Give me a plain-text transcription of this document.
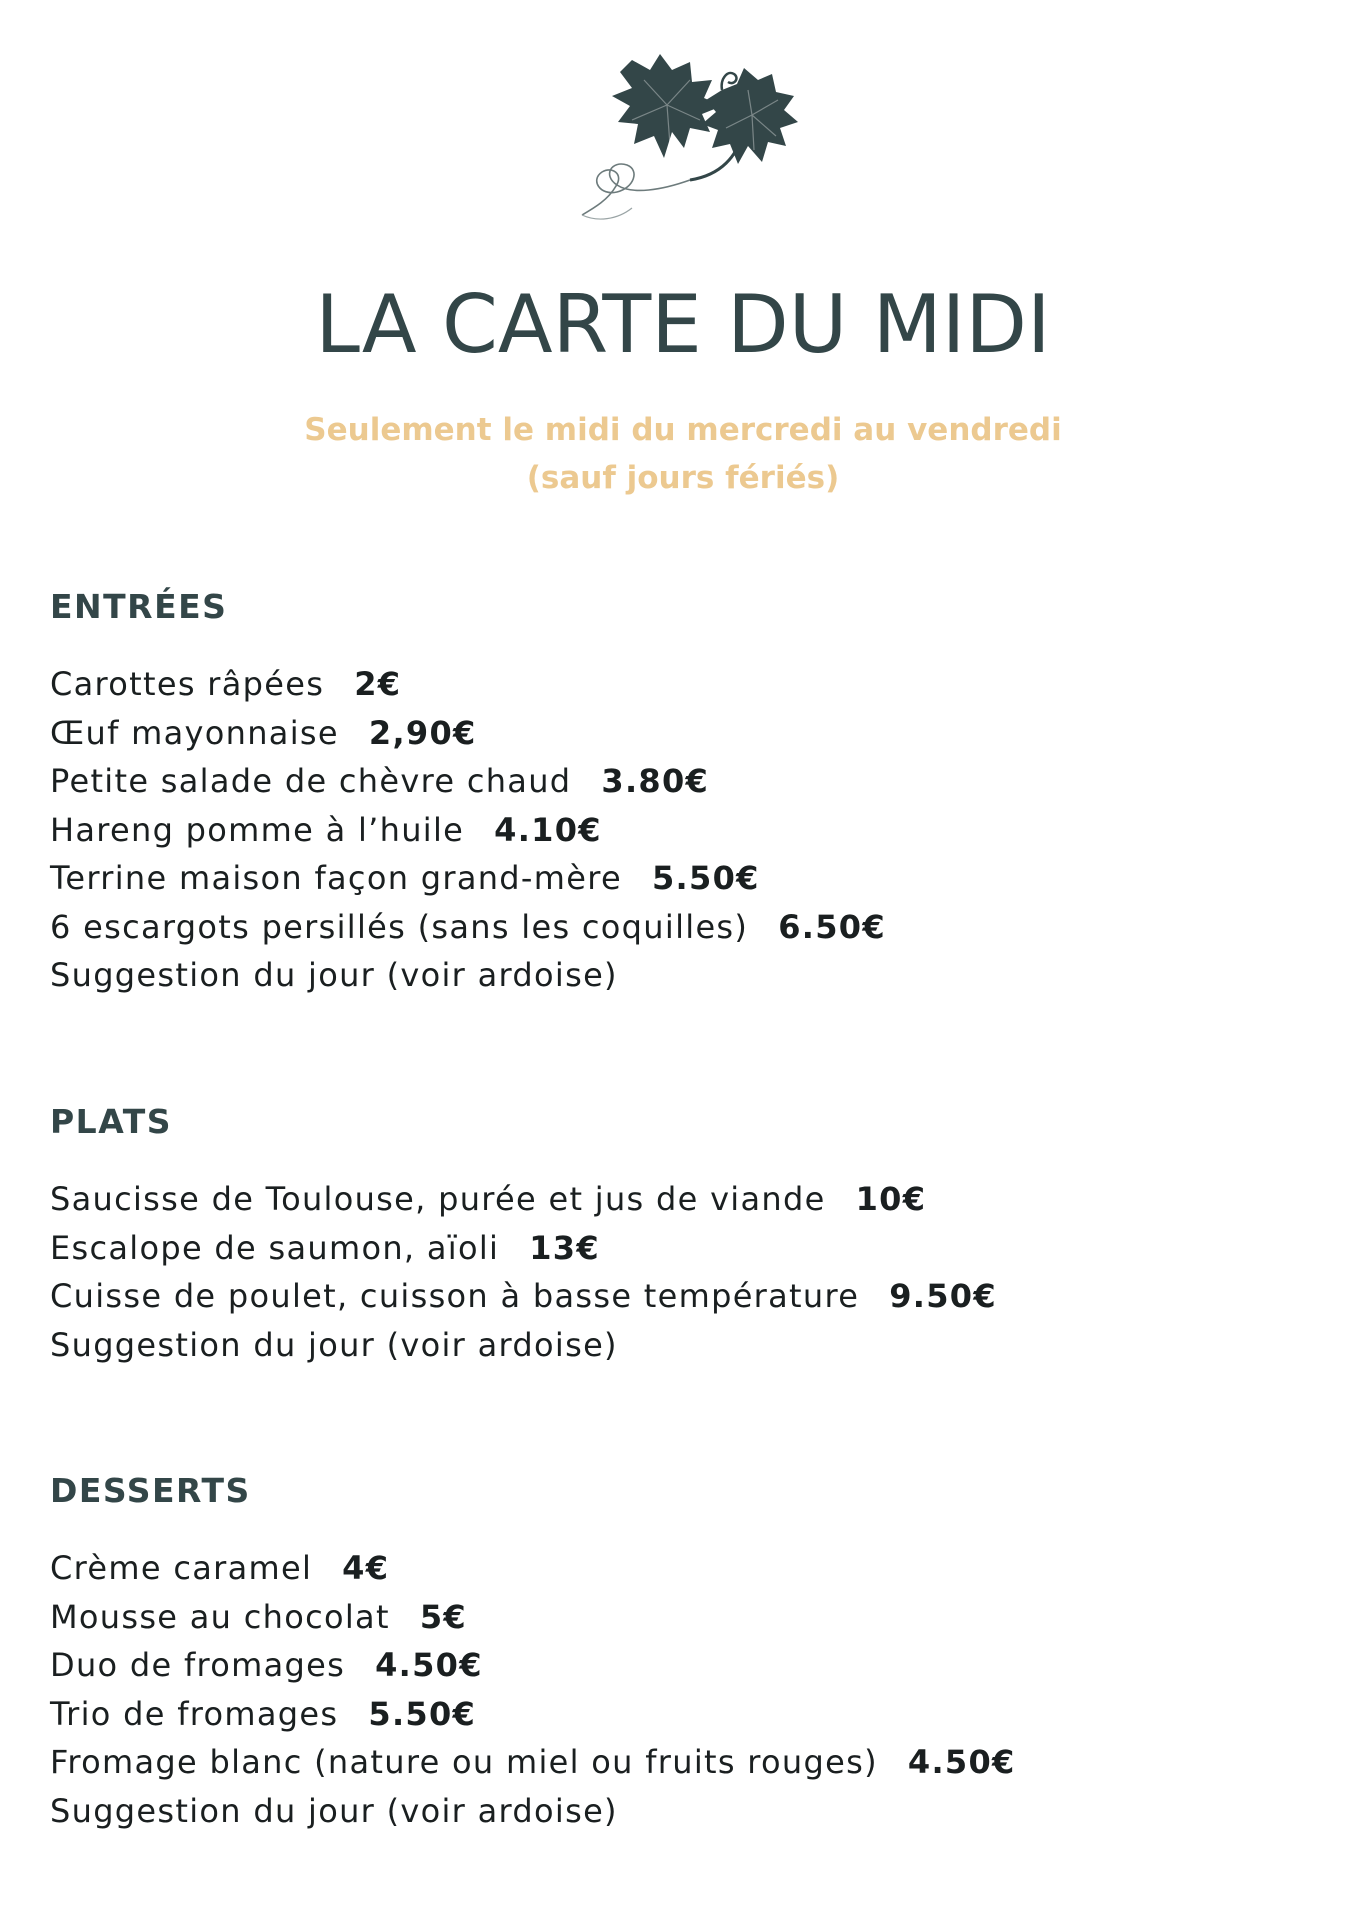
LA CARTE DU MIDI
Seulement le midi du mercredi au vendredi
(sauf jours fériés)
ENTRÉES
Carottes râpées 2€
Œuf mayonnaise 2,90€
Petite salade de chèvre chaud 3.80€
Hareng pomme à l’huile 4.10€
Terrine maison façon grand-mère 5.50€
6 escargots persillés (sans les coquilles) 6.50€
Suggestion du jour (voir ardoise)
PLATS
Saucisse de Toulouse, purée et jus de viande 10€
Escalope de saumon, aïoli 13€
Cuisse de poulet, cuisson à basse température 9.50€
Suggestion du jour (voir ardoise)
DESSERTS
Crème caramel 4€
Mousse au chocolat 5€
Duo de fromages 4.50€
Trio de fromages 5.50€
Fromage blanc (nature ou miel ou fruits rouges) 4.50€
Suggestion du jour (voir ardoise)
